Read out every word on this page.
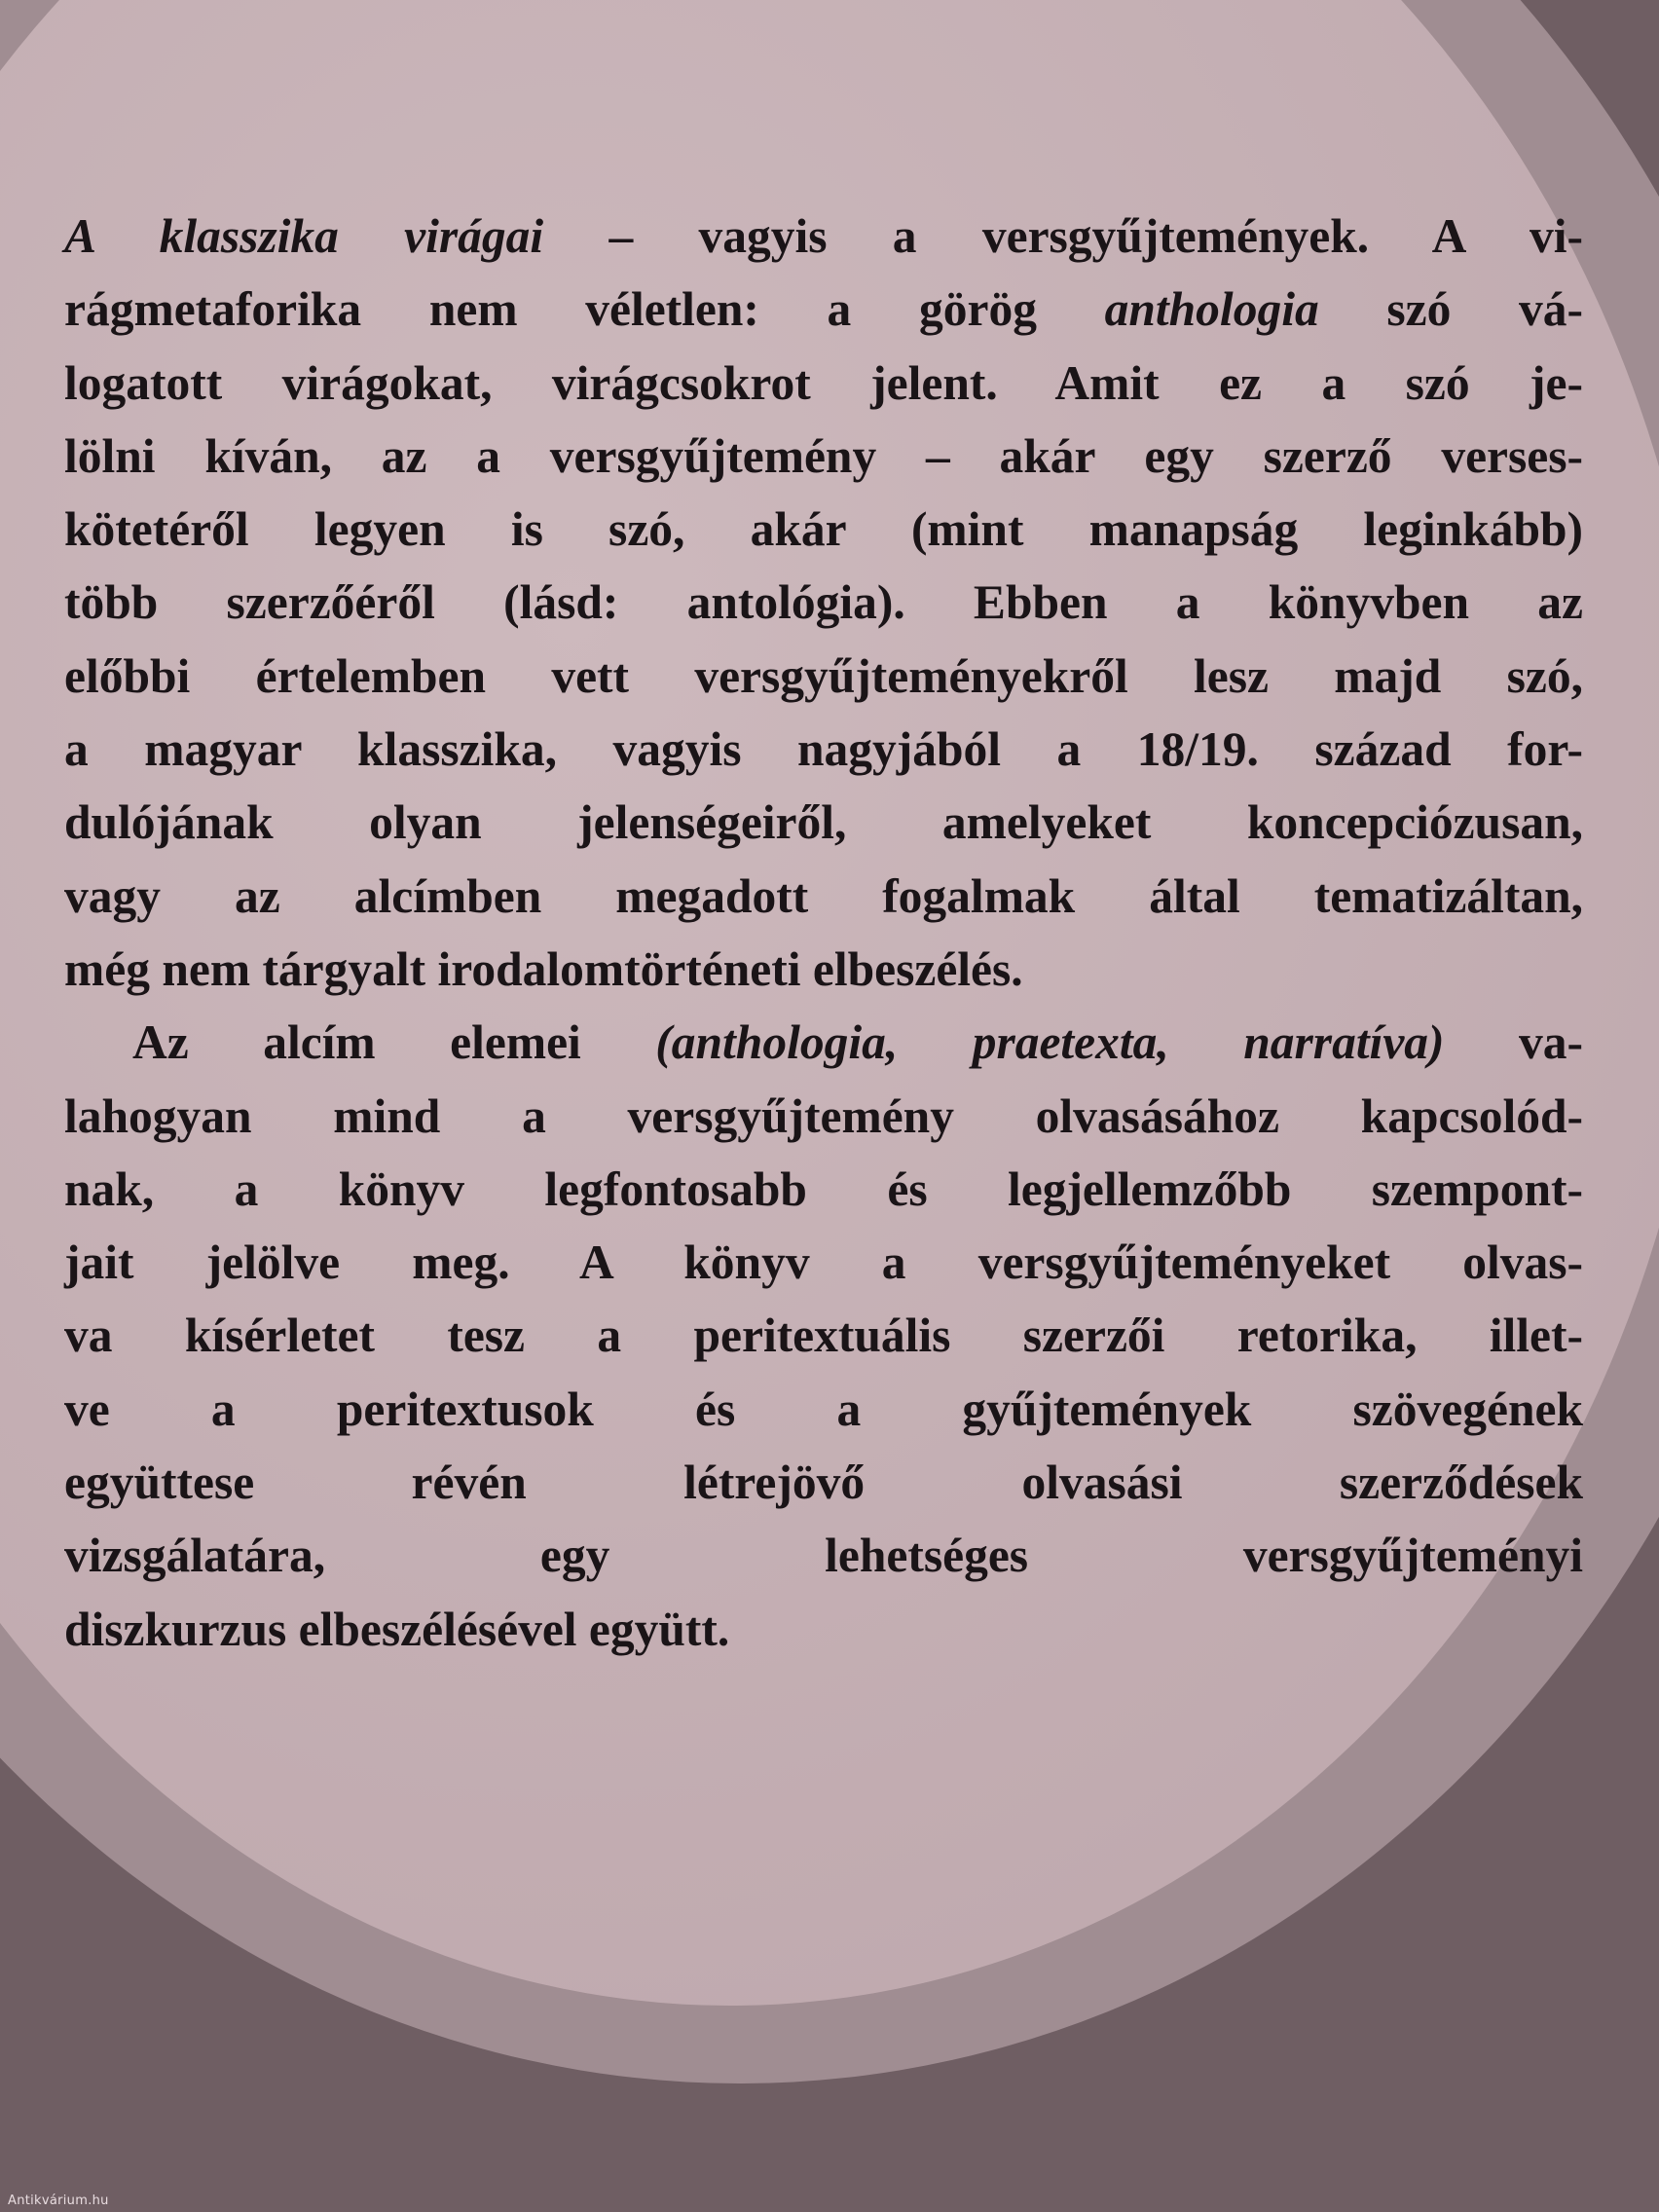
A klasszika virágai – vagyis a versgyűjtemények. A vi-
rágmetaforika nem véletlen: a görög anthologia szó vá-
logatott virágokat, virágcsokrot jelent. Amit ez a szó je-
lölni kíván, az a versgyűjtemény – akár egy szerző verses-
kötetéről legyen is szó, akár (mint manapság leginkább)
több szerzőéről (lásd: antológia). Ebben a könyvben az
előbbi értelemben vett versgyűjteményekről lesz majd szó,
a magyar klasszika, vagyis nagyjából a 18/19. század for-
dulójának olyan jelenségeiről, amelyeket koncepciózusan,
vagy az alcímben megadott fogalmak által tematizáltan,
még nem tárgyalt irodalomtörténeti elbeszélés.
Az alcím elemei (anthologia, praetexta, narratíva) va-
lahogyan mind a versgyűjtemény olvasásához kapcsolód-
nak, a könyv legfontosabb és legjellemzőbb szempont-
jait jelölve meg. A könyv a versgyűjteményeket olvas-
va kísérletet tesz a peritextuális szerzői retorika, illet-
ve a peritextusok és a gyűjtemények szövegének
együttese révén létrejövő olvasási szerződések
vizsgálatára, egy lehetséges versgyűjteményi
diszkurzus elbeszélésével együtt.
Antikvárium.hu
